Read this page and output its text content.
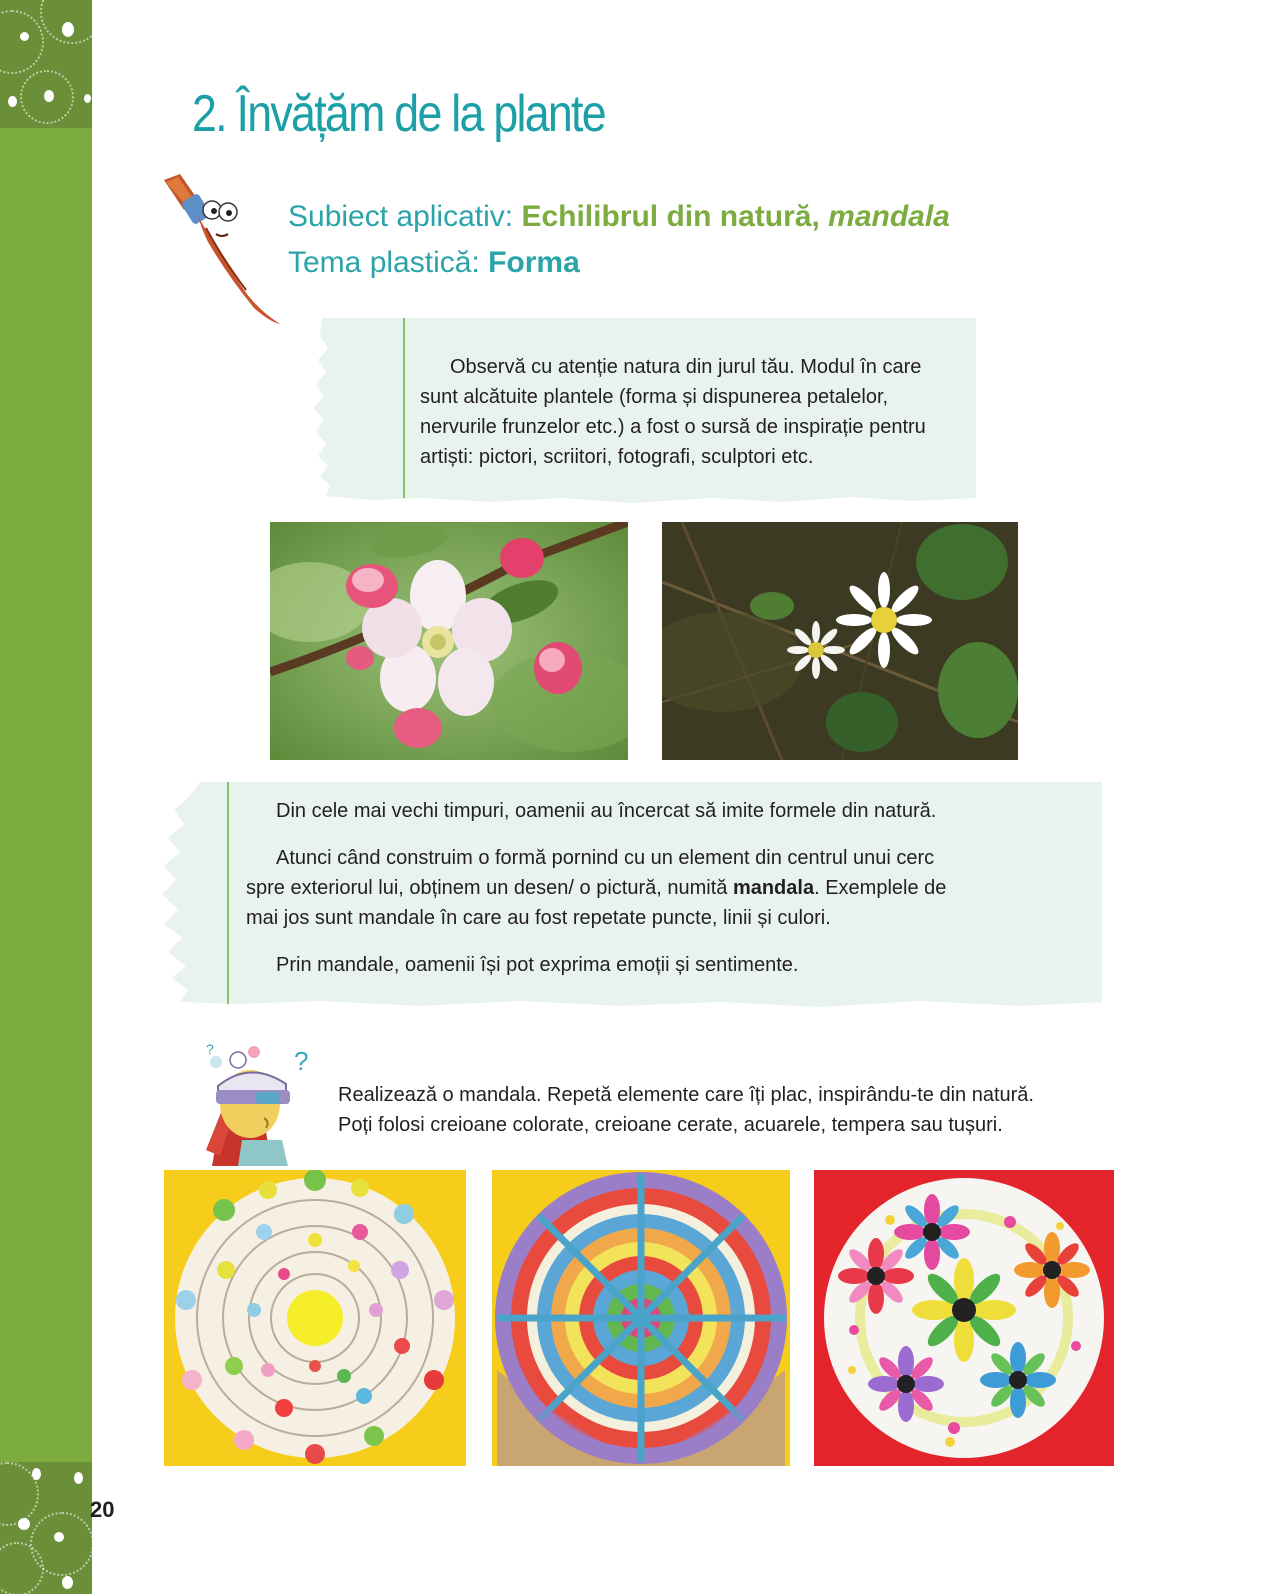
2. Învățăm de la plante
Subiect aplicativ: Echilibrul din natură, mandala
Tema plastică: Forma

Observă cu atenție natura din jurul tău. Modul în care sunt alcătuite plantele (forma și dispunerea petalelor, nervurile frunzelor etc.) a fost o sursă de inspirație pentru artiști: pictori, scriitori, fotografi, sculptori etc.

Din cele mai vechi timpuri, oamenii au încercat să imite formele din natură.

Atunci când construim o formă pornind cu un element din centrul unui cerc spre exteriorul lui, obținem un desen/ o pictură, numită mandala. Exemplele de mai jos sunt mandale în care au fost repetate puncte, linii și culori.

Prin mandale, oamenii își pot exprima emoții și sentimente.

?
?

Realizează o mandala. Repetă elemente care îți plac, inspirându-te din natură.

Poți folosi creioane colorate, creioane cerate, acuarele, tempera sau tușuri.

20
